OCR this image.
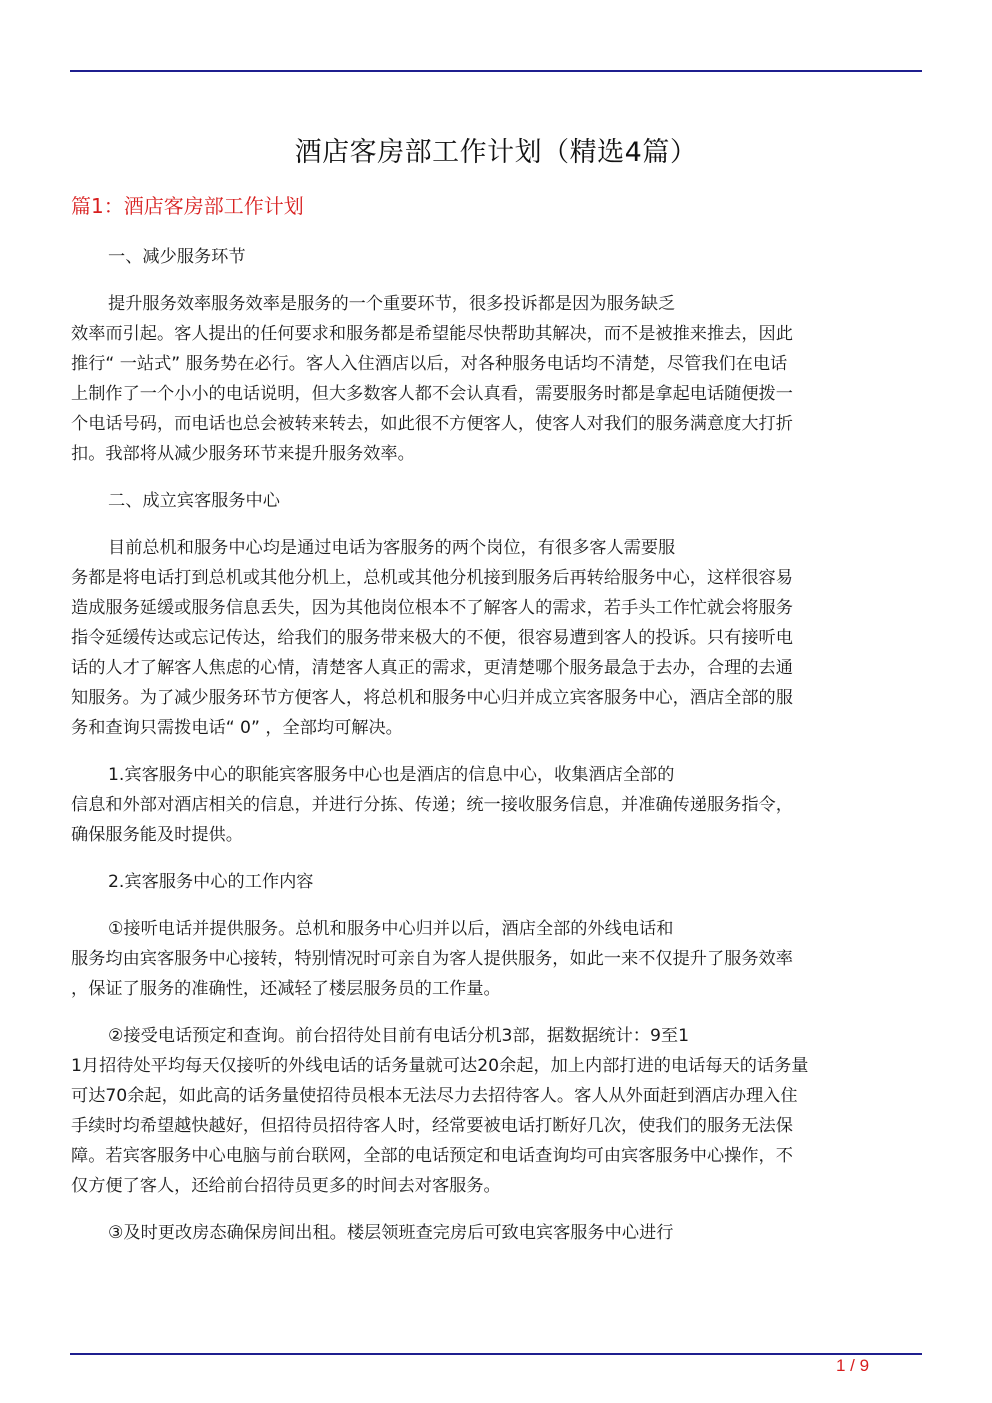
酒店客房部工作计划（精选4篇）
篇1：酒店客房部工作计划

一、减少服务环节

提升服务效率服务效率是服务的一个重要环节，很多投诉都是因为服务缺乏
效率而引起。客人提出的任何要求和服务都是希望能尽快帮助其解决，而不是被推来推去，因此
推行“ 一站式” 服务势在必行。客人入住酒店以后，对各种服务电话均不清楚，尽管我们在电话
上制作了一个小小的电话说明，但大多数客人都不会认真看，需要服务时都是拿起电话随便拨一
个电话号码，而电话也总会被转来转去，如此很不方便客人，使客人对我们的服务满意度大打折
扣。我部将从减少服务环节来提升服务效率。

二、成立宾客服务中心

目前总机和服务中心均是通过电话为客服务的两个岗位，有很多客人需要服
务都是将电话打到总机或其他分机上，总机或其他分机接到服务后再转给服务中心，这样很容易
造成服务延缓或服务信息丢失，因为其他岗位根本不了解客人的需求，若手头工作忙就会将服务
指令延缓传达或忘记传达，给我们的服务带来极大的不便，很容易遭到客人的投诉。只有接听电
话的人才了解客人焦虑的心情，清楚客人真正的需求，更清楚哪个服务最急于去办，合理的去通
知服务。为了减少服务环节方便客人，将总机和服务中心归并成立宾客服务中心，酒店全部的服
务和查询只需拨电话“ 0” ，全部均可解决。

1.宾客服务中心的职能宾客服务中心也是酒店的信息中心，收集酒店全部的
信息和外部对酒店相关的信息，并进行分拣、传递；统一接收服务信息，并准确传递服务指令，
确保服务能及时提供。

2.宾客服务中心的工作内容

①接听电话并提供服务。总机和服务中心归并以后，酒店全部的外线电话和
服务均由宾客服务中心接转，特别情况时可亲自为客人提供服务，如此一来不仅提升了服务效率
，保证了服务的准确性，还减轻了楼层服务员的工作量。

②接受电话预定和查询。前台招待处目前有电话分机3部，据数据统计：9至1
1月招待处平均每天仅接听的外线电话的话务量就可达20余起，加上内部打进的电话每天的话务量
可达70余起，如此高的话务量使招待员根本无法尽力去招待客人。客人从外面赶到酒店办理入住
手续时均希望越快越好，但招待员招待客人时，经常要被电话打断好几次，使我们的服务无法保
障。若宾客服务中心电脑与前台联网，全部的电话预定和电话查询均可由宾客服务中心操作，不
仅方便了客人，还给前台招待员更多的时间去对客服务。

③及时更改房态确保房间出租。楼层领班查完房后可致电宾客服务中心进行

1 / 9
